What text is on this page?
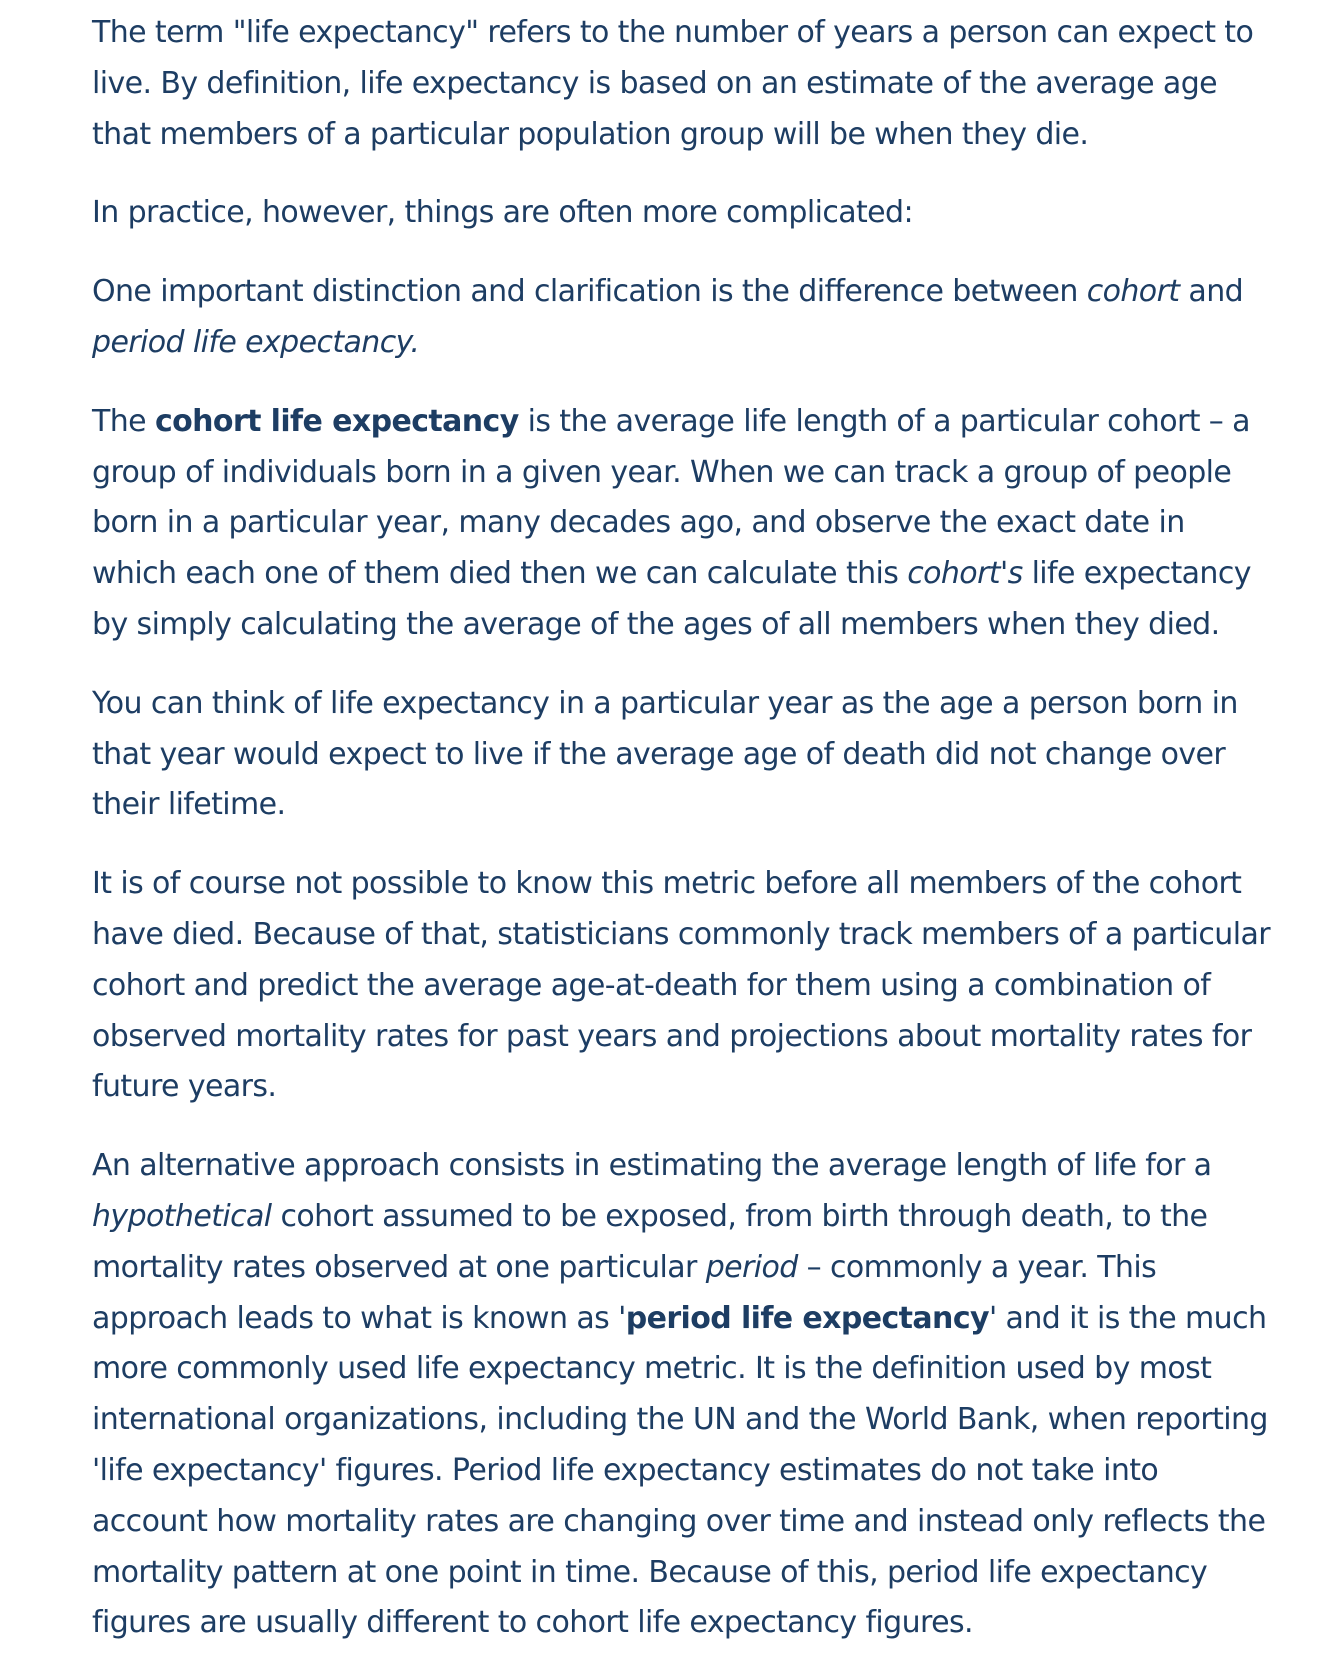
The term "life expectancy" refers to the number of years a person can expect to live. By definition, life expectancy is based on an estimate of the average age that members of a particular population group will be when they die.

In practice, however, things are often more complicated:

One important distinction and clarification is the difference between cohort and period life expectancy.

The cohort life expectancy is the average life length of a particular cohort – a group of individuals born in a given year. When we can track a group of people born in a particular year, many decades ago, and observe the exact date in which each one of them died then we can calculate this cohort's life expectancy by simply calculating the average of the ages of all members when they died.

You can think of life expectancy in a particular year as the age a person born in that year would expect to live if the average age of death did not change over their lifetime.

It is of course not possible to know this metric before all members of the cohort have died. Because of that, statisticians commonly track members of a particular cohort and predict the average age-at-death for them using a combination of observed mortality rates for past years and projections about mortality rates for future years.

An alternative approach consists in estimating the average length of life for a hypothetical cohort assumed to be exposed, from birth through death, to the mortality rates observed at one particular period – commonly a year. This approach leads to what is known as 'period life expectancy' and it is the much more commonly used life expectancy metric. It is the definition used by most international organizations, including the UN and the World Bank, when reporting 'life expectancy' figures. Period life expectancy estimates do not take into account how mortality rates are changing over time and instead only reflects the mortality pattern at one point in time. Because of this, period life expectancy figures are usually different to cohort life expectancy figures.
